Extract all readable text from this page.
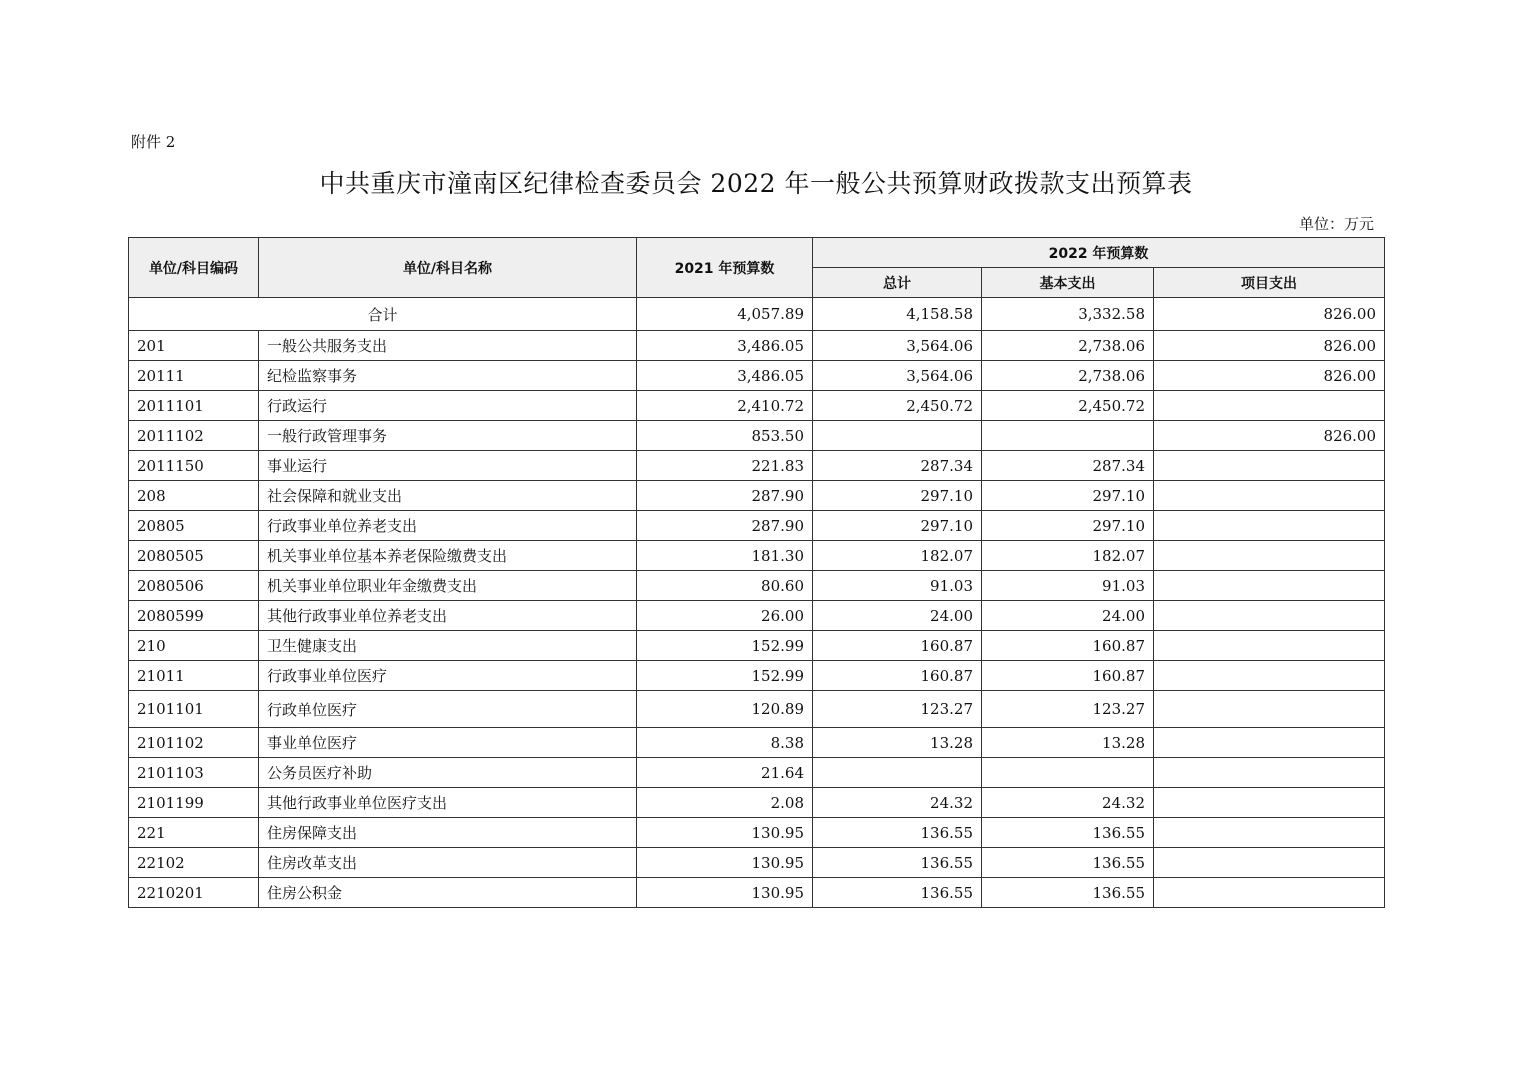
附件 2
中共重庆市潼南区纪律检查委员会 2022 年一般公共预算财政拨款支出预算表
单位：万元
单位/科目编码	单位/科目名称	2021 年预算数	2022 年预算数		
			总计	基本支出	项目支出
合计		4,057.89	4,158.58	3,332.58	826.00
201	一般公共服务支出	3,486.05	3,564.06	2,738.06	826.00
20111	纪检监察事务	3,486.05	3,564.06	2,738.06	826.00
2011101	行政运行	2,410.72	2,450.72	2,450.72	
2011102	一般行政管理事务	853.50			826.00
2011150	事业运行	221.83	287.34	287.34	
208	社会保障和就业支出	287.90	297.10	297.10	
20805	行政事业单位养老支出	287.90	297.10	297.10	
2080505	机关事业单位基本养老保险缴费支出	181.30	182.07	182.07	
2080506	机关事业单位职业年金缴费支出	80.60	91.03	91.03	
2080599	其他行政事业单位养老支出	26.00	24.00	24.00	
210	卫生健康支出	152.99	160.87	160.87	
21011	行政事业单位医疗	152.99	160.87	160.87	
2101101	行政单位医疗	120.89	123.27	123.27	
2101102	事业单位医疗	8.38	13.28	13.28	
2101103	公务员医疗补助	21.64			
2101199	其他行政事业单位医疗支出	2.08	24.32	24.32	
221	住房保障支出	130.95	136.55	136.55	
22102	住房改革支出	130.95	136.55	136.55	
2210201	住房公积金	130.95	136.55	136.55	
